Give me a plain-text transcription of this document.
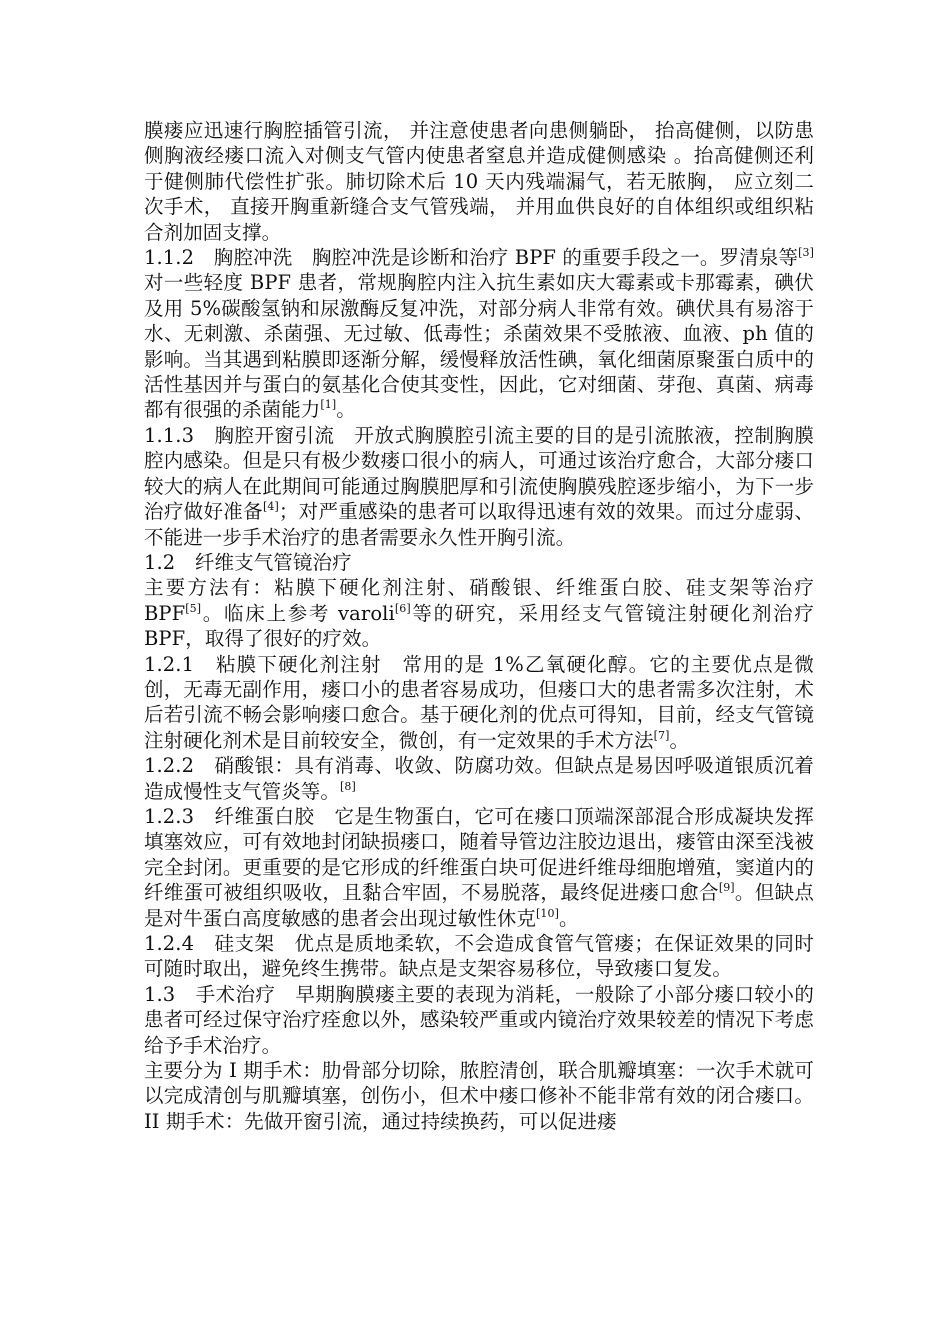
膜瘘应迅速行胸腔插管引流， 并注意使患者向患侧躺卧， 抬高健侧，以防患侧胸液经瘘口流入对侧支气管内使患者窒息并造成健侧感染 。抬高健侧还利于健侧肺代偿性扩张。肺切除术后 10 天内残端漏气，若无脓胸， 应立刻二次手术， 直接开胸重新缝合支气管残端， 并用血供良好的自体组织或组织粘合剂加固支撑。

1.1.2　胸腔冲洗　胸腔冲洗是诊断和治疗 BPF 的重要手段之一。罗清泉等[3]对一些轻度 BPF 患者，常规胸腔内注入抗生素如庆大霉素或卡那霉素，碘伏及用 5%碳酸氢钠和尿激酶反复冲洗，对部分病人非常有效。碘伏具有易溶于水、无刺激、杀菌强、无过敏、低毒性；杀菌效果不受脓液、血液、ph 值的影响。当其遇到粘膜即逐渐分解，缓慢释放活性碘，氧化细菌原聚蛋白质中的活性基因并与蛋白的氨基化合使其变性，因此，它对细菌、芽孢、真菌、病毒都有很强的杀菌能力[1]。

1.1.3　胸腔开窗引流　开放式胸膜腔引流主要的目的是引流脓液，控制胸膜腔内感染。但是只有极少数瘘口很小的病人，可通过该治疗愈合，大部分瘘口较大的病人在此期间可能通过胸膜肥厚和引流使胸膜残腔逐步缩小，为下一步治疗做好准备[4]；对严重感染的患者可以取得迅速有效的效果。而过分虚弱、不能进一步手术治疗的患者需要永久性开胸引流。

1.2　纤维支气管镜治疗

主要方法有：粘膜下硬化剂注射、硝酸银、纤维蛋白胶、硅支架等治疗 BPF[5]。临床上参考 varoli[6]等的研究，采用经支气管镜注射硬化剂治疗 BPF，取得了很好的疗效。

1.2.1　粘膜下硬化剂注射　常用的是 1%乙氧硬化醇。它的主要优点是微创，无毒无副作用，瘘口小的患者容易成功，但瘘口大的患者需多次注射，术后若引流不畅会影响瘘口愈合。基于硬化剂的优点可得知，目前，经支气管镜注射硬化剂术是目前较安全，微创，有一定效果的手术方法[7]。

1.2.2　硝酸银：具有消毒、收敛、防腐功效。但缺点是易因呼吸道银质沉着造成慢性支气管炎等。[8]

1.2.3　纤维蛋白胶　它是生物蛋白，它可在瘘口顶端深部混合形成凝块发挥填塞效应，可有效地封闭缺损瘘口，随着导管边注胶边退出，瘘管由深至浅被完全封闭。更重要的是它形成的纤维蛋白块可促进纤维母细胞增殖，窦道内的纤维蛋可被组织吸收，且黏合牢固，不易脱落，最终促进瘘口愈合[9]。但缺点是对牛蛋白高度敏感的患者会出现过敏性休克[10]。

1.2.4　硅支架　优点是质地柔软，不会造成食管气管瘘；在保证效果的同时可随时取出，避免终生携带。缺点是支架容易移位，导致瘘口复发。

1.3　手术治疗　早期胸膜瘘主要的表现为消耗，一般除了小部分瘘口较小的患者可经过保守治疗痊愈以外，感染较严重或内镜治疗效果较差的情况下考虑给予手术治疗。

主要分为 I 期手术：肋骨部分切除，脓腔清创，联合肌瓣填塞：一次手术就可以完成清创与肌瓣填塞，创伤小，但术中瘘口修补不能非常有效的闭合瘘口。II 期手术：先做开窗引流，通过持续换药，可以促进瘘
